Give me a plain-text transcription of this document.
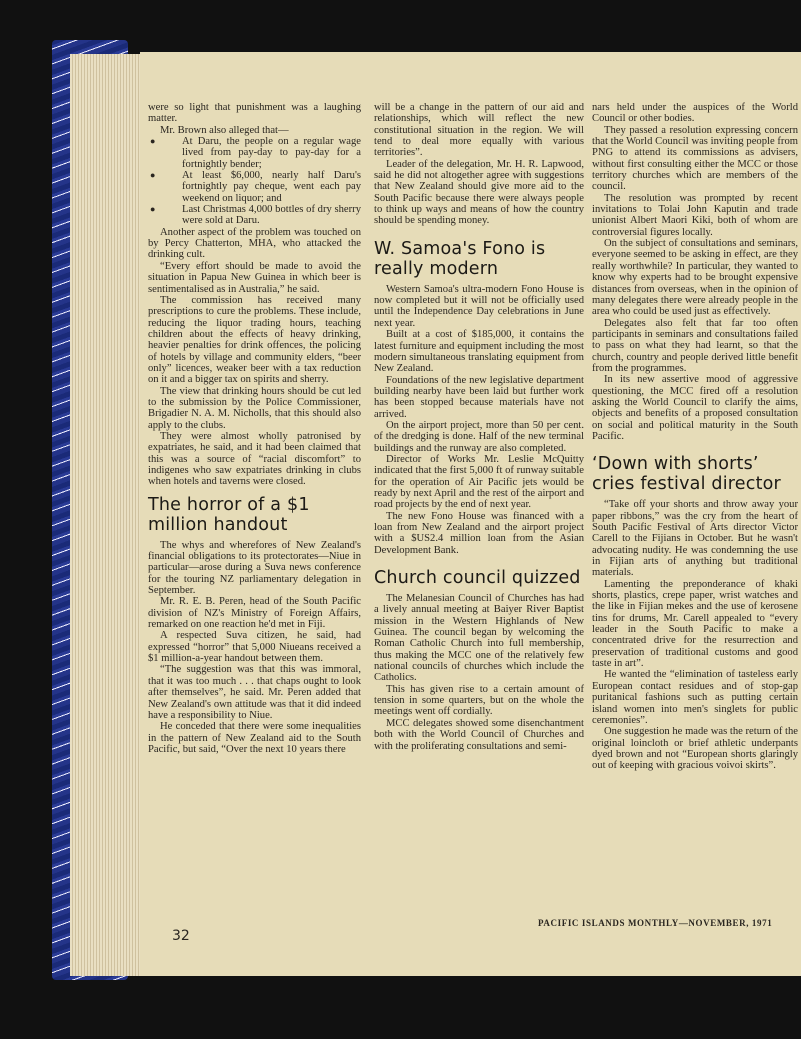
were so light that punishment was a laughing matter.

Mr. Brown also alleged that—

● At Daru, the people on a regular wage lived from pay-day to pay-day for a fortnightly bender;
● At least $6,000, nearly half Daru's fortnightly pay cheque, went each pay weekend on liquor; and
● Last Christmas 4,000 bottles of dry sherry were sold at Daru.

Another aspect of the problem was touched on by Percy Chatterton, MHA, who attacked the drinking cult.

“Every effort should be made to avoid the situation in Papua New Guinea in which beer is sentimentalised as in Australia,” he said.

The commission has received many prescriptions to cure the problems. These include, reducing the liquor trading hours, teaching children about the effects of heavy drinking, heavier penalties for drink offences, the policing of hotels by village and community elders, “beer only” licences, weaker beer with a tax reduction on it and a bigger tax on spirits and sherry.

The view that drinking hours should be cut led to the submission by the Police Commissioner, Brigadier N. A. M. Nicholls, that this should also apply to the clubs.

They were almost wholly patronised by expatriates, he said, and it had been claimed that this was a source of “racial discomfort” to indigenes who saw expatriates drinking in clubs when hotels and taverns were closed.

The horror of a $1 million handout

The whys and wherefores of New Zealand's financial obligations to its protectorates—Niue in particular—arose during a Suva news conference for the touring NZ parliamentary delegation in September.

Mr. R. E. B. Peren, head of the South Pacific division of NZ's Ministry of Foreign Affairs, remarked on one reaction he'd met in Fiji.

A respected Suva citizen, he said, had expressed “horror” that 5,000 Niueans received a $1 million-a-year handout between them.

“The suggestion was that this was immoral, that it was too much . . . that chaps ought to look after themselves”, he said. Mr. Peren added that New Zealand's own attitude was that it did indeed have a responsibility to Niue.

He conceded that there were some inequalities in the pattern of New Zealand aid to the South Pacific, but said, “Over the next 10 years there

will be a change in the pattern of our aid and relationships, which will reflect the new constitutional situation in the region. We will tend to deal more equally with various territories”.

Leader of the delegation, Mr. H. R. Lapwood, said he did not altogether agree with suggestions that New Zealand should give more aid to the South Pacific because there were always people to think up ways and means of how the country should be spending money.

W. Samoa's Fono is really modern

Western Samoa's ultra-modern Fono House is now completed but it will not be officially used until the Independence Day celebrations in June next year.

Built at a cost of $185,000, it contains the latest furniture and equipment including the most modern simultaneous translating equipment from New Zealand.

Foundations of the new legislative department building nearby have been laid but further work has been stopped because materials have not arrived.

On the airport project, more than 50 per cent. of the dredging is done. Half of the new terminal buildings and the runway are also completed.

Director of Works Mr. Leslie McQuitty indicated that the first 5,000 ft of runway suitable for the operation of Air Pacific jets would be ready by next April and the rest of the airport and road projects by the end of next year.

The new Fono House was financed with a loan from New Zealand and the airport project with a $US2.4 million loan from the Asian Development Bank.

Church council quizzed

The Melanesian Council of Churches has had a lively annual meeting at Baiyer River Baptist mission in the Western Highlands of New Guinea. The council began by welcoming the Roman Catholic Church into full membership, thus making the MCC one of the relatively few national councils of churches which include the Catholics.

This has given rise to a certain amount of tension in some quarters, but on the whole the meetings went off cordially.

MCC delegates showed some disenchantment both with the World Council of Churches and with the proliferating consultations and semi-

nars held under the auspices of the World Council or other bodies.

They passed a resolution expressing concern that the World Council was inviting people from PNG to attend its commissions as advisers, without first consulting either the MCC or those territory churches which are members of the council.

The resolution was prompted by recent invitations to Tolai John Kaputin and trade unionist Albert Maori Kiki, both of whom are controversial figures locally.

On the subject of consultations and seminars, everyone seemed to be asking in effect, are they really worthwhile? In particular, they wanted to know why experts had to be brought expensive distances from overseas, when in the opinion of many delegates there were already people in the area who could be used just as effectively.

Delegates also felt that far too often participants in seminars and consultations failed to pass on what they had learnt, so that the church, country and people derived little benefit from the programmes.

In its new assertive mood of aggressive questioning, the MCC fired off a resolution asking the World Council to clarify the aims, objects and benefits of a proposed consultation on social and political maturity in the South Pacific.

‘Down with shorts’ cries festival director

“Take off your shorts and throw away your paper ribbons,” was the cry from the heart of South Pacific Festival of Arts director Victor Carell to the Fijians in October. But he wasn't advocating nudity. He was condemning the use in Fijian arts of anything but traditional materials.

Lamenting the preponderance of khaki shorts, plastics, crepe paper, wrist watches and the like in Fijian mekes and the use of kerosene tins for drums, Mr. Carell appealed to “every leader in the South Pacific to make a concentrated drive for the resurrection and preservation of traditional customs and good taste in art”.

He wanted the “elimination of tasteless early European contact residues and of stop-gap puritanical fashions such as putting certain island women into men's singlets for public ceremonies”.

One suggestion he made was the return of the original loincloth or brief athletic underpants dyed brown and not “European shorts glaringly out of keeping with gracious voivoi skirts”.

PACIFIC ISLANDS MONTHLY—NOVEMBER, 1971
32
